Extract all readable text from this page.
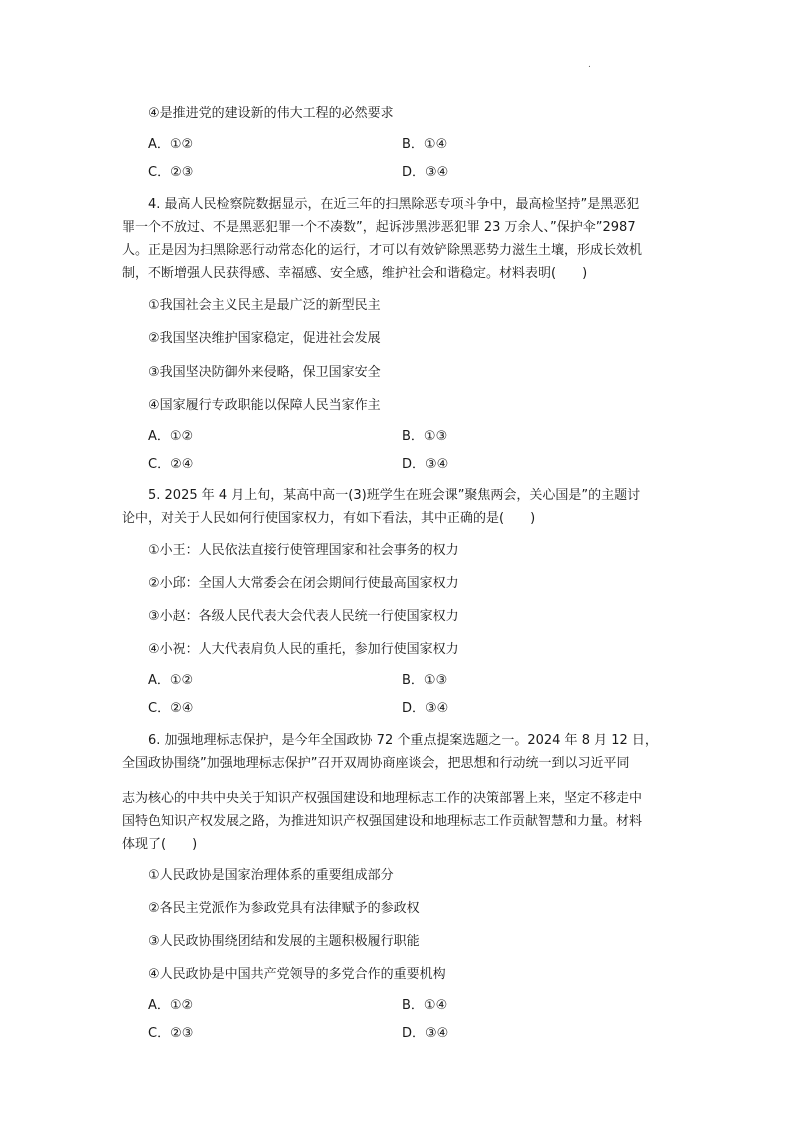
.
④是推进党的建设新的伟大工程的必然要求
A．①②	B．①④
C．②③	D．③④
4. 最高人民检察院数据显示，在近三年的扫黑除恶专项斗争中，最高检坚持”是黑恶犯
罪一个不放过、不是黑恶犯罪一个不凑数”，起诉涉黑涉恶犯罪 23 万余人、”保护伞”2987
人。正是因为扫黑除恶行动常态化的运行，才可以有效铲除黑恶势力滋生土壤，形成长效机
制，不断增强人民获得感、幸福感、安全感，维护社会和谐稳定。材料表明(　　)
①我国社会主义民主是最广泛的新型民主
②我国坚决维护国家稳定，促进社会发展
③我国坚决防御外来侵略，保卫国家安全
④国家履行专政职能以保障人民当家作主
A．①②	B．①③
C．②④	D．③④
5. 2025 年 4 月上旬，某高中高一(3)班学生在班会课”聚焦两会，关心国是”的主题讨
论中，对关于人民如何行使国家权力，有如下看法，其中正确的是(　　)
①小王：人民依法直接行使管理国家和社会事务的权力
②小邱：全国人大常委会在闭会期间行使最高国家权力
③小赵：各级人民代表大会代表人民统一行使国家权力
④小祝：人大代表肩负人民的重托，参加行使国家权力
A．①②	B．①③
C．②④	D．③④
6. 加强地理标志保护，是今年全国政协 72 个重点提案选题之一。2024 年 8 月 12 日，
全国政协围绕”加强地理标志保护”召开双周协商座谈会，把思想和行动统一到以习近平同
志为核心的中共中央关于知识产权强国建设和地理标志工作的决策部署上来，坚定不移走中
国特色知识产权发展之路，为推进知识产权强国建设和地理标志工作贡献智慧和力量。材料
体现了(　　)
①人民政协是国家治理体系的重要组成部分
②各民主党派作为参政党具有法律赋予的参政权
③人民政协围绕团结和发展的主题积极履行职能
④人民政协是中国共产党领导的多党合作的重要机构
A．①②	B．①④
C．②③	D．③④
